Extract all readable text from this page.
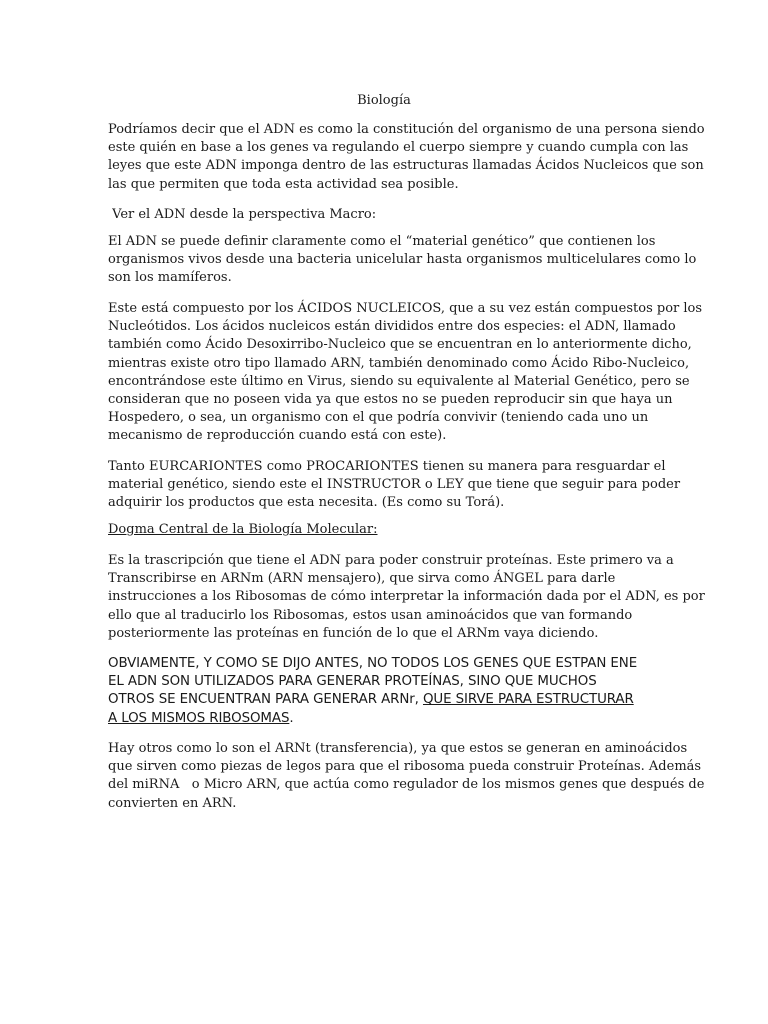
Biología

Podríamos decir que el ADN es como la constitución del organismo de una persona siendo
este quién en base a los genes va regulando el cuerpo siempre y cuando cumpla con las
leyes que este ADN imponga dentro de las estructuras llamadas Ácidos Nucleicos que son
las que permiten que toda esta actividad sea posible.

Ver el ADN desde la perspectiva Macro:

El ADN se puede definir claramente como el “material genético” que contienen los
organismos vivos desde una bacteria unicelular hasta organismos multicelulares como lo
son los mamíferos.

Este está compuesto por los ÁCIDOS NUCLEICOS, que a su vez están compuestos por los
Nucleótidos. Los ácidos nucleicos están divididos entre dos especies: el ADN, llamado
también como Ácido Desoxirribo-Nucleico que se encuentran en lo anteriormente dicho,
mientras existe otro tipo llamado ARN, también denominado como Ácido Ribo-Nucleico,
encontrándose este último en Virus, siendo su equivalente al Material Genético, pero se
consideran que no poseen vida ya que estos no se pueden reproducir sin que haya un
Hospedero, o sea, un organismo con el que podría convivir (teniendo cada uno un
mecanismo de reproducción cuando está con este).

Tanto EURCARIONTES como PROCARIONTES tienen su manera para resguardar el
material genético, siendo este el INSTRUCTOR o LEY que tiene que seguir para poder
adquirir los productos que esta necesita. (Es como su Torá).

Dogma Central de la Biología Molecular:

Es la trascripción que tiene el ADN para poder construir proteínas. Este primero va a
Transcribirse en ARNm (ARN mensajero), que sirva como ÁNGEL para darle
instrucciones a los Ribosomas de cómo interpretar la información dada por el ADN, es por
ello que al traducirlo los Ribosomas, estos usan aminoácidos que van formando
posteriormente las proteínas en función de lo que el ARNm vaya diciendo.

OBVIAMENTE, Y COMO SE DIJO ANTES, NO TODOS LOS GENES QUE ESTPAN ENE
EL ADN SON UTILIZADOS PARA GENERAR PROTEÍNAS, SINO QUE MUCHOS
OTROS SE ENCUENTRAN PARA GENERAR ARNr, QUE SIRVE PARA ESTRUCTURAR
A LOS MISMOS RIBOSOMAS.

Hay otros como lo son el ARNt (transferencia), ya que estos se generan en aminoácidos
que sirven como piezas de legos para que el ribosoma pueda construir Proteínas. Además
del miRNA   o Micro ARN, que actúa como regulador de los mismos genes que después de
convierten en ARN.
